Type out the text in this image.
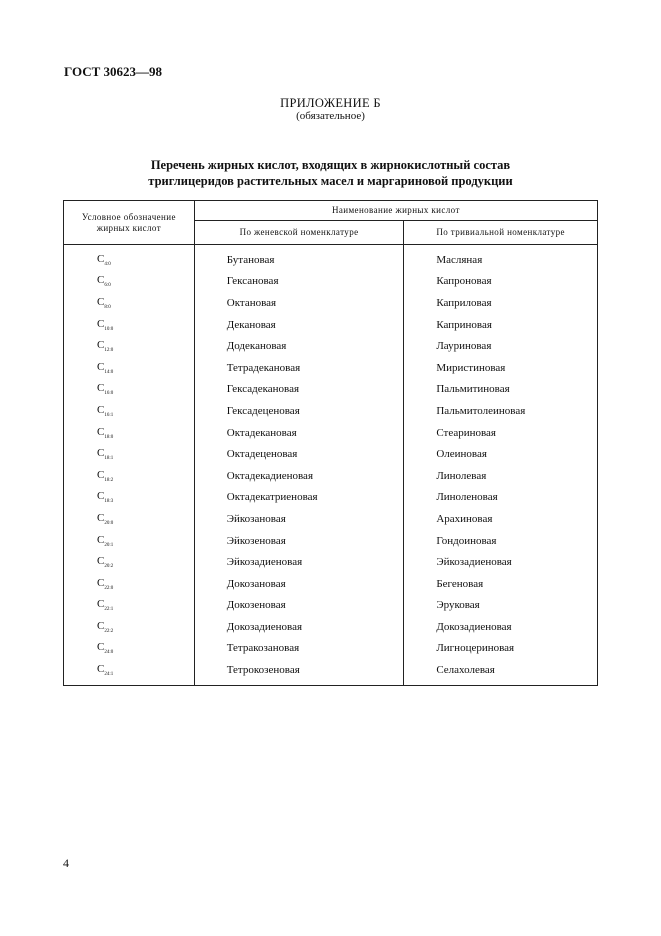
ГОСТ 30623—98
ПРИЛОЖЕНИЕ Б
(обязательное)
Перечень жирных кислот, входящих в жирнокислотный состав
триглицеридов растительных масел и маргариновой продукции
Условное обозначение жирных кислот	Наименование жирных кислот	
	По женевской номенклатуре	По тривиальной номенклатуре
$C_{4:0}$	Бутановая	Масляная
$C_{6:0}$	Гексановая	Капроновая
$C_{8:0}$	Октановая	Каприловая
$C_{10:0}$	Декановая	Каприновая
$C_{12:0}$	Додекановая	Лауриновая
$C_{14:0}$	Тетрадекановая	Миристиновая
$C_{16:0}$	Гексадекановая	Пальмитиновая
$C_{16:1}$	Гексадеценовая	Пальмитолеиновая
$C_{18:0}$	Октадекановая	Стеариновая
$C_{18:1}$	Октадеценовая	Олеиновая
$C_{18:2}$	Октадекадиеновая	Линолевая
$C_{18:3}$	Октадекатриеновая	Линоленовая
$C_{20:0}$	Эйкозановая	Арахиновая
$C_{20:1}$	Эйкозеновая	Гондоиновая
$C_{20:2}$	Эйкозадиеновая	Эйкозадиеновая
$C_{22:0}$	Докозановая	Бегеновая
$C_{22:1}$	Докозеновая	Эруковая
$C_{22:2}$	Докозадиеновая	Докозадиеновая
$C_{24:0}$	Тетракозановая	Лигноцериновая
$C_{24:1}$	Тетрокозеновая	Селахолевая
4
